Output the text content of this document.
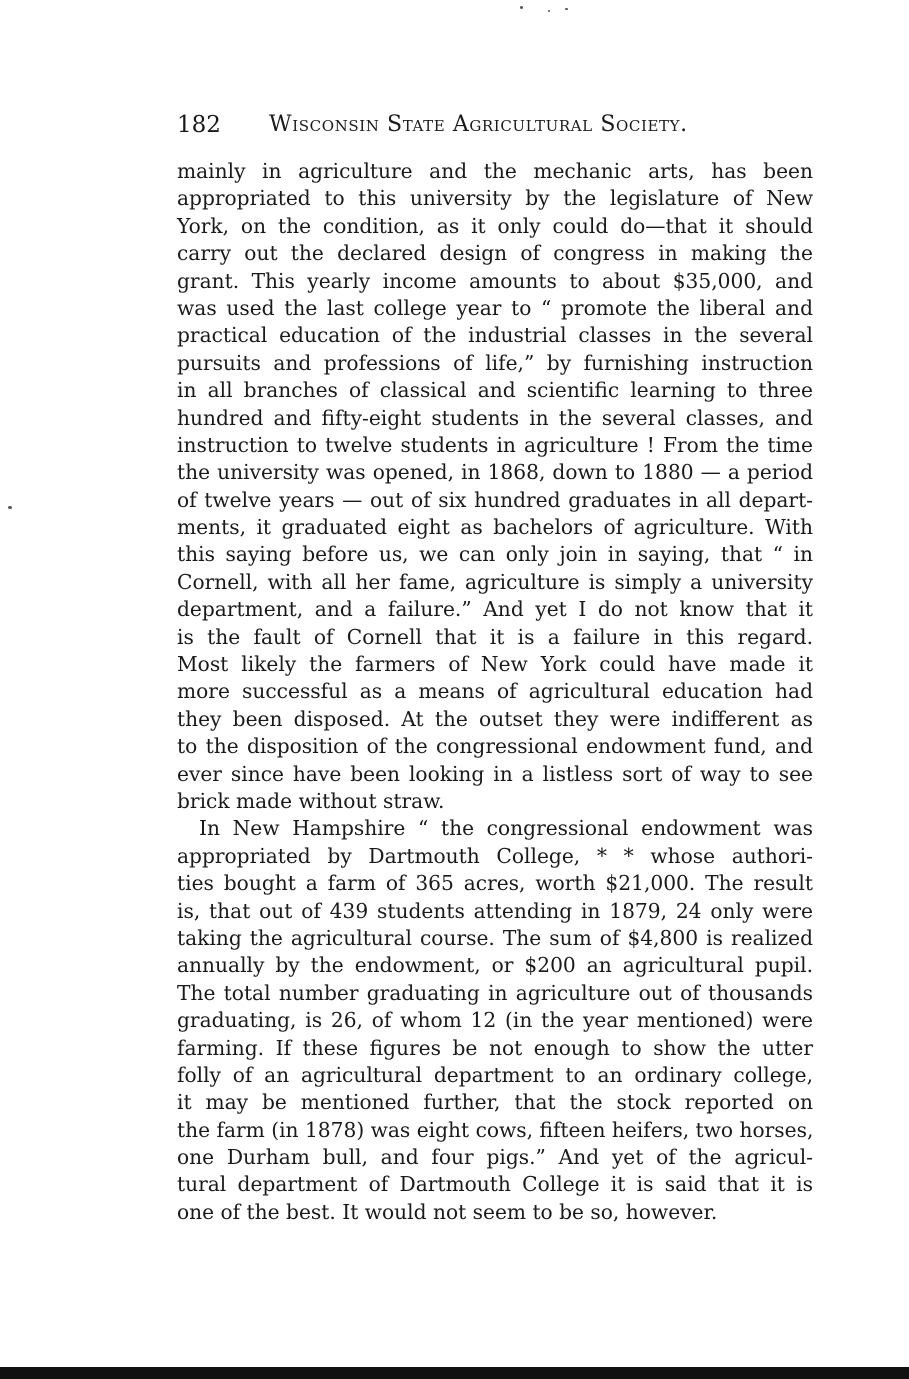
182 Wisconsin State Agricultural Society.
mainly in agriculture and the mechanic arts, has been
appropriated to this university by the legislature of New
York, on the condition, as it only could do—that it should
carry out the declared design of congress in making the
grant. This yearly income amounts to about $35,000, and
was used the last college year to “ promote the liberal and
practical education of the industrial classes in the several
pursuits and professions of life,” by furnishing instruction
in all branches of classical and scientific learning to three
hundred and fifty-eight students in the several classes, and
instruction to twelve students in agriculture ! From the time
the university was opened, in 1868, down to 1880 — a period
of twelve years — out of six hundred graduates in all depart-
ments, it graduated eight as bachelors of agriculture. With
this saying before us, we can only join in saying, that “ in
Cornell, with all her fame, agriculture is simply a university
department, and a failure.” And yet I do not know that it
is the fault of Cornell that it is a failure in this regard.
Most likely the farmers of New York could have made it
more successful as a means of agricultural education had
they been disposed. At the outset they were indifferent as
to the disposition of the congressional endowment fund, and
ever since have been looking in a listless sort of way to see
brick made without straw.
In New Hampshire “ the congressional endowment was
appropriated by Dartmouth College, * * whose authori-
ties bought a farm of 365 acres, worth $21,000. The result
is, that out of 439 students attending in 1879, 24 only were
taking the agricultural course. The sum of $4,800 is realized
annually by the endowment, or $200 an agricultural pupil.
The total number graduating in agriculture out of thousands
graduating, is 26, of whom 12 (in the year mentioned) were
farming. If these figures be not enough to show the utter
folly of an agricultural department to an ordinary college,
it may be mentioned further, that the stock reported on
the farm (in 1878) was eight cows, fifteen heifers, two horses,
one Durham bull, and four pigs.” And yet of the agricul-
tural department of Dartmouth College it is said that it is
one of the best. It would not seem to be so, however.
